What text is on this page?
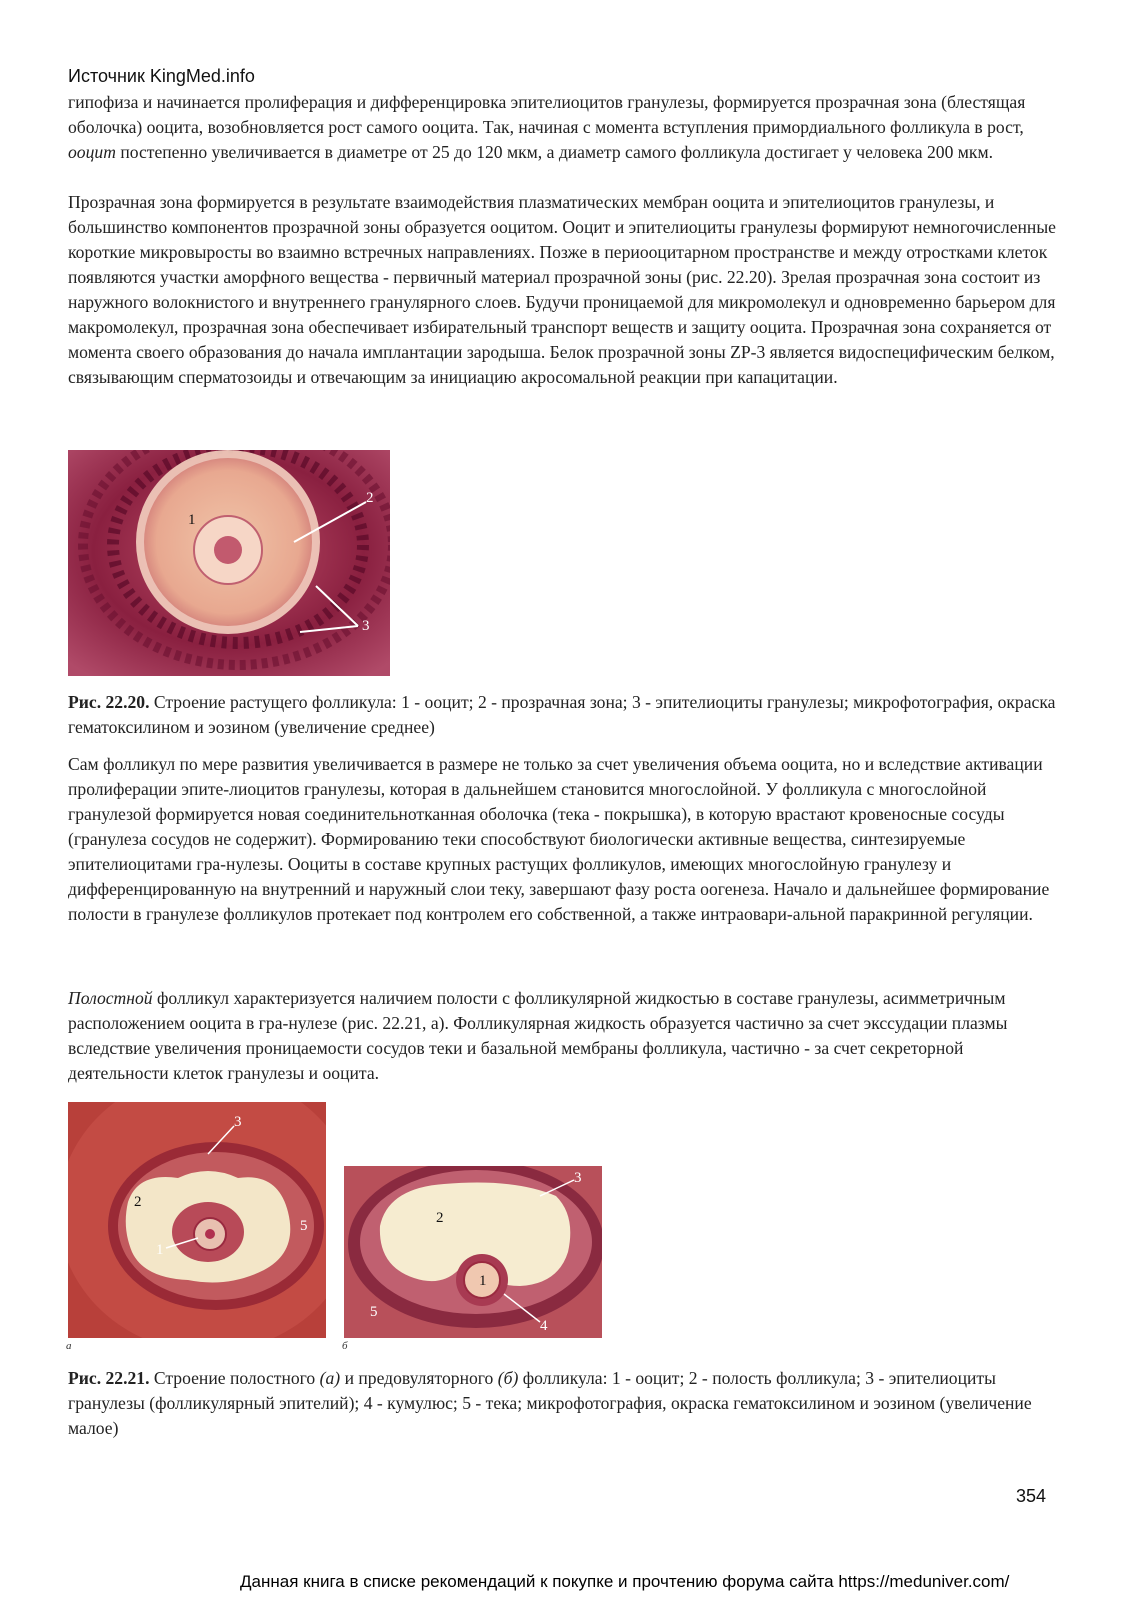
Источник KingMed.info

гипофиза и начинается пролиферация и дифференцировка эпителиоцитов гранулезы, формируется прозрачная зона (блестящая оболочка) ооцита, возобновляется рост самого ооцита. Так, начиная с момента вступления примордиального фолликула в рост, ооцит постепенно увеличивается в диаметре от 25 до 120 мкм, а диаметр самого фолликула достигает у человека 200 мкм.

Прозрачная зона формируется в результате взаимодействия плазматических мембран ооцита и эпителиоцитов гранулезы, и большинство компонентов прозрачной зоны образуется ооцитом. Ооцит и эпителиоциты гранулезы формируют немногочисленные короткие микровыросты во взаимно встречных направлениях. Позже в периооцитарном пространстве и между отростками клеток появляются участки аморфного вещества - первичный материал прозрачной зоны (рис. 22.20). Зрелая прозрачная зона состоит из наружного волокнистого и внутреннего гранулярного слоев. Будучи проницаемой для микромолекул и одновременно барьером для макромолекул, прозрачная зона обеспечивает избирательный транспорт веществ и защиту ооцита. Прозрачная зона сохраняется от момента своего образования до начала имплантации зародыша. Белок прозрачной зоны ZP-3 является видоспецифическим белком, связывающим сперматозоиды и отвечающим за инициацию акросомальной реакции при капацитации.

1
2
3

Рис. 22.20. Строение растущего фолликула: 1 - ооцит; 2 - прозрачная зона; 3 - эпителиоциты гранулезы; микрофотография, окраска гематоксилином и эозином (увеличение среднее)

Сам фолликул по мере развития увеличивается в размере не только за счет увеличения объема ооцита, но и вследствие активации пролиферации эпите-лиоцитов гранулезы, которая в дальнейшем становится многослойной. У фолликула с многослойной гранулезой формируется новая соединительнотканная оболочка (тека - покрышка), в которую врастают кровеносные сосуды (гранулеза сосудов не содержит). Формированию теки способствуют биологически активные вещества, синтезируемые эпителиоцитами гра-нулезы. Ооциты в составе крупных растущих фолликулов, имеющих многослойную гранулезу и дифференцированную на внутренний и наружный слои теку, завершают фазу роста оогенеза. Начало и дальнейшее формирование полости в гранулезе фолликулов протекает под контролем его собственной, а также интраовари-альной паракринной регуляции.

Полостной фолликул характеризуется наличием полости с фолликулярной жидкостью в составе гранулезы, асимметричным расположением ооцита в гра-нулезе (рис. 22.21, а). Фолликулярная жидкость образуется частично за счет экссудации плазмы вследствие увеличения проницаемости сосудов теки и базальной мембраны фолликула, частично - за счет секреторной деятельности клеток гранулезы и ооцита.

1
2
3
5
а
1
2
3
4
5
б

Рис. 22.21. Строение полостного (а) и предовуляторного (б) фолликула: 1 - ооцит; 2 - полость фолликула; 3 - эпителиоциты гранулезы (фолликулярный эпителий); 4 - кумулюс; 5 - тека; микрофотография, окраска гематоксилином и эозином (увеличение малое)

354
Данная книга в списке рекомендаций к покупке и прочтению форума сайта https://meduniver.com/
